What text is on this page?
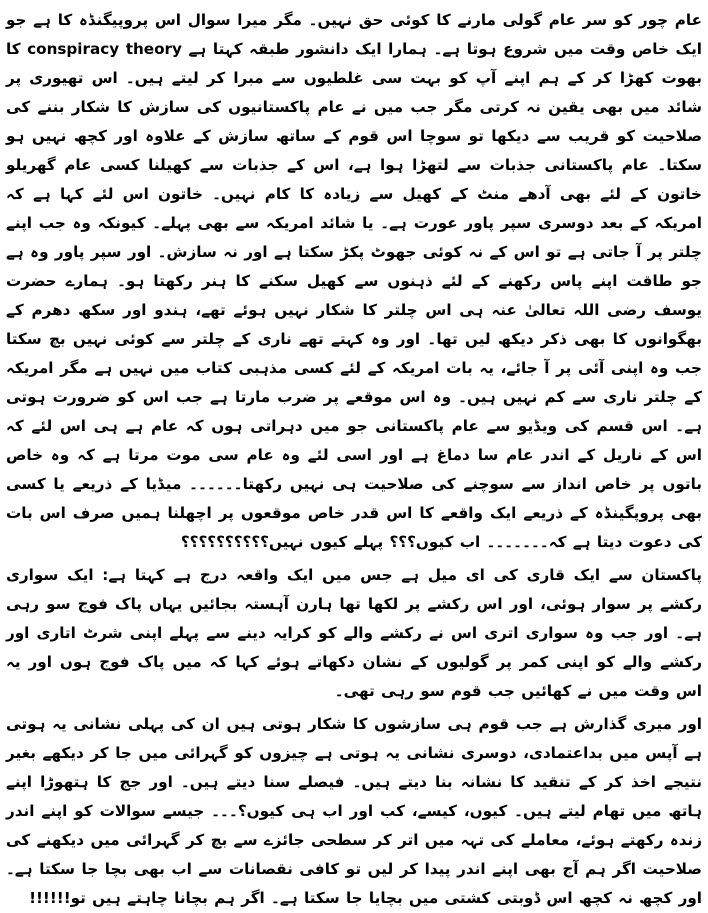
عام چور کو سر عام گولی مارنے کا کوئی حق نہیں۔ مگر میرا سوال اس پروپیگنڈہ کا ہے جو ایک خاص وقت میں شروع ہوتا ہے۔ ہمارا ایک دانشور طبقہ کہتا ہے conspiracy theory کا بھوت کھڑا کر کے ہم اپنے آپ کو بہت سی غلطیوں سے مبرا کر لیتے ہیں۔ اس تھیوری پر شائد میں بھی یقین نہ کرتی مگر جب میں نے عام پاکستانیوں کی سازش کا شکار بننے کی صلاحیت کو قریب سے دیکھا تو سوچا اس قوم کے ساتھ سازش کے علاوہ اور کچھ نہیں ہو سکتا۔ عام پاکستانی جذبات سے لتھڑا ہوا ہے، اس کے جذبات سے کھیلنا کسی عام گھریلو خاتون کے لئے بھی آدھے منٹ کے کھیل سے زیادہ کا کام نہیں۔ خاتون اس لئے کہا ہے کہ امریکہ کے بعد دوسری سپر پاور عورت ہے۔ یا شائد امریکہ سے بھی پہلے۔ کیونکہ وہ جب اپنے چلتر پر آ جاتی ہے تو اس کے نہ کوئی جھوٹ پکڑ سکتا ہے اور نہ سازش۔ اور سپر پاور وہ ہے جو طاقت اپنے پاس رکھنے کے لئے ذہنوں سے کھیل سکنے کا ہنر رکھتا ہو۔ ہمارے حضرت یوسف رضی اللہ تعالیٰ عنہ ہی اس چلتر کا شکار نہیں ہوئے تھے، ہندو اور سکھ دھرم کے بھگوانوں کا بھی ذکر دیکھ لیں تھا۔ اور وہ کہتے تھے ناری کے چلتر سے کوئی نہیں بچ سکتا جب وہ اپنی آئی پر آ جائے، یہ بات امریکہ کے لئے کسی مذہبی کتاب میں نہیں ہے مگر امریکہ کے چلتر ناری سے کم نہیں ہیں۔ وہ اس موقعے پر ضرب مارتا ہے جب اس کو ضرورت ہوتی ہے۔ اس قسم کی ویڈیو سے عام پاکستانی جو میں دہراتی ہوں کہ عام ہے ہی اس لئے کہ اس کے ناریل کے اندر عام سا دماغ ہے اور اسی لئے وہ عام سی موت مرتا ہے کہ وہ خاص باتوں پر خاص انداز سے سوچنے کی صلاحیت ہی نہیں رکھتا۔۔۔۔۔۔ میڈیا کے ذریعے یا کسی بھی پروپگینڈہ کے ذریعے ایک واقعے کا اس قدر خاص موقعوں پر اچھلنا ہمیں صرف اس بات کی دعوت دیتا ہے کہ۔۔۔۔۔۔۔ اب کیوں؟؟؟ پہلے کیوں نہیں؟؟؟؟؟؟؟؟؟؟

پاکستان سے ایک قاری کی ای میل ہے جس میں ایک واقعہ درج ہے کہتا ہے: ایک سواری رکشے پر سوار ہوئی، اور اس رکشے پر لکھا تھا ہارن آہستہ بجائیں یہاں پاک فوج سو رہی ہے۔ اور جب وہ سواری اتری اس نے رکشے والے کو کرایہ دینے سے پہلے اپنی شرٹ اتاری اور رکشے والے کو اپنی کمر پر گولیوں کے نشان دکھاتے ہوئے کہا کہ میں پاک فوج ہوں اور یہ اس وقت میں نے کھائیں جب قوم سو رہی تھی۔

اور میری گذارش ہے جب قوم ہی سازشوں کا شکار ہوتی ہیں ان کی پہلی نشانی یہ ہوتی ہے آپس میں بداعتمادی، دوسری نشانی یہ ہوتی ہے چیزوں کو گہرائی میں جا کر دیکھے بغیر نتیجے اخذ کر کے تنقید کا نشانہ بنا دیتے ہیں۔ فیصلے سنا دیتے ہیں۔ اور جج کا ہتھوڑا اپنے ہاتھ میں تھام لیتے ہیں۔ کیوں، کیسے، کب اور اب ہی کیوں؟۔۔۔ جیسے سوالات کو اپنے اندر زندہ رکھتے ہوئے، معاملے کی تہہ میں اتر کر سطحی جائزے سے بچ کر گہرائی میں دیکھنے کی صلاحیت اگر ہم آج بھی اپنے اندر پیدا کر لیں تو کافی نقصانات سے اب بھی بچا جا سکتا ہے۔ اور کچھ نہ کچھ اس ڈوبتی کشتی میں بچایا جا سکتا ہے۔ اگر ہم بچانا چاہتے ہیں تو!!!!!!
